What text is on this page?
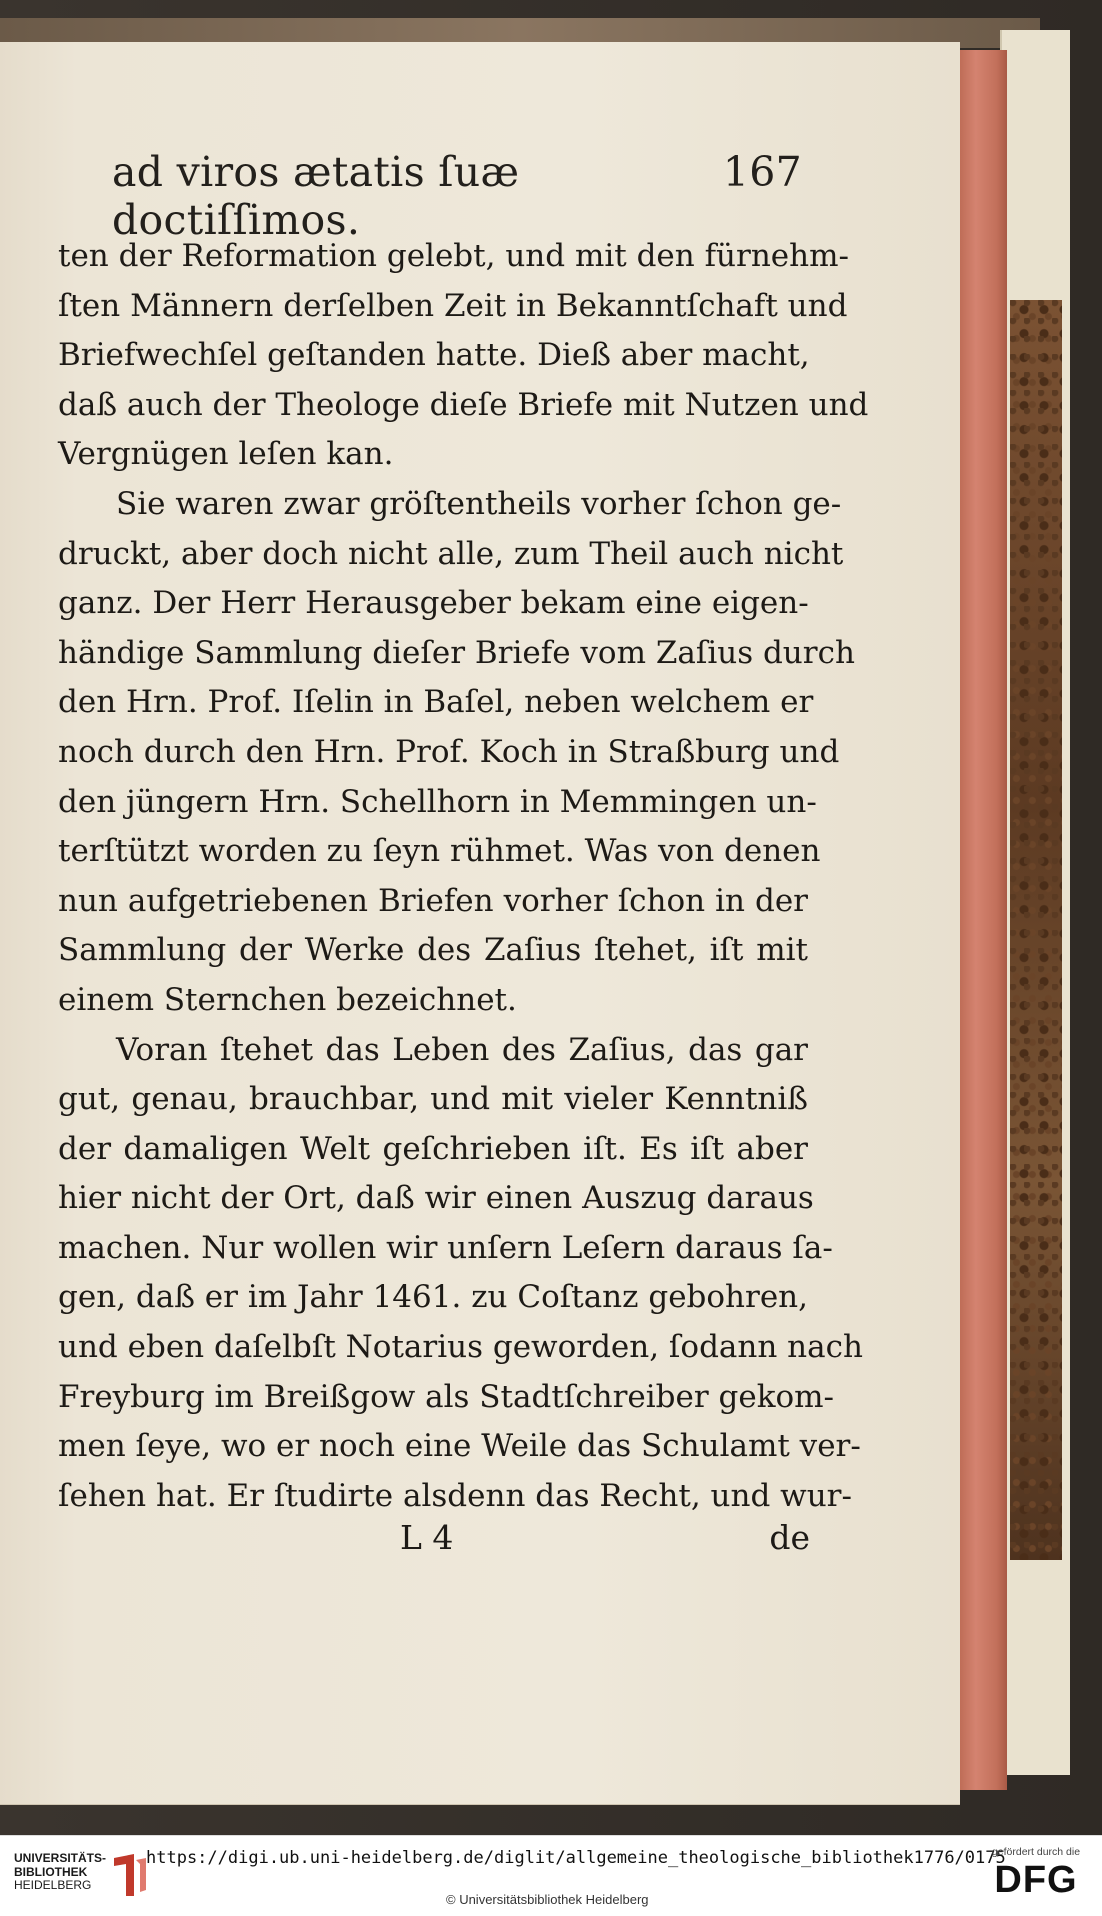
ad viros ætatis ſuæ doctiſſimos.
167
ten der Reformation gelebt, und mit den fürnehm-
ſten Männern derſelben Zeit in Bekanntſchaft und
Briefwechſel geſtanden hatte. Dieß aber macht,
daß auch der Theologe dieſe Briefe mit Nutzen und
Vergnügen leſen kan.
Sie waren zwar gröſtentheils vorher ſchon ge-
druckt, aber doch nicht alle, zum Theil auch nicht
ganz. Der Herr Herausgeber bekam eine eigen-
händige Sammlung dieſer Briefe vom Zaſius durch
den Hrn. Prof. Iſelin in Baſel, neben welchem er
noch durch den Hrn. Prof. Koch in Straßburg und
den jüngern Hrn. Schellhorn in Memmingen un-
terſtützt worden zu ſeyn rühmet. Was von denen
nun aufgetriebenen Briefen vorher ſchon in der
Sammlung der Werke des Zaſius ſtehet, iſt mit
einem Sternchen bezeichnet.
Voran ſtehet das Leben des Zaſius, das gar
gut, genau, brauchbar, und mit vieler Kenntniß
der damaligen Welt geſchrieben iſt. Es iſt aber
hier nicht der Ort, daß wir einen Auszug daraus
machen. Nur wollen wir unſern Leſern daraus ſa-
gen, daß er im Jahr 1461. zu Coſtanz gebohren,
und eben daſelbſt Notarius geworden, ſodann nach
Freyburg im Breißgow als Stadtſchreiber gekom-
men ſeye, wo er noch eine Weile das Schulamt ver-
ſehen hat. Er ſtudirte alsdenn das Recht, und wur-
L 4	de
UNIVERSITÄTS-
BIBLIOTHEK
HEIDELBERG
https://digi.ub.uni-heidelberg.de/diglit/allgemeine_theologische_bibliothek1776/0175
© Universitätsbibliothek Heidelberg
gefördert durch die
DFG
